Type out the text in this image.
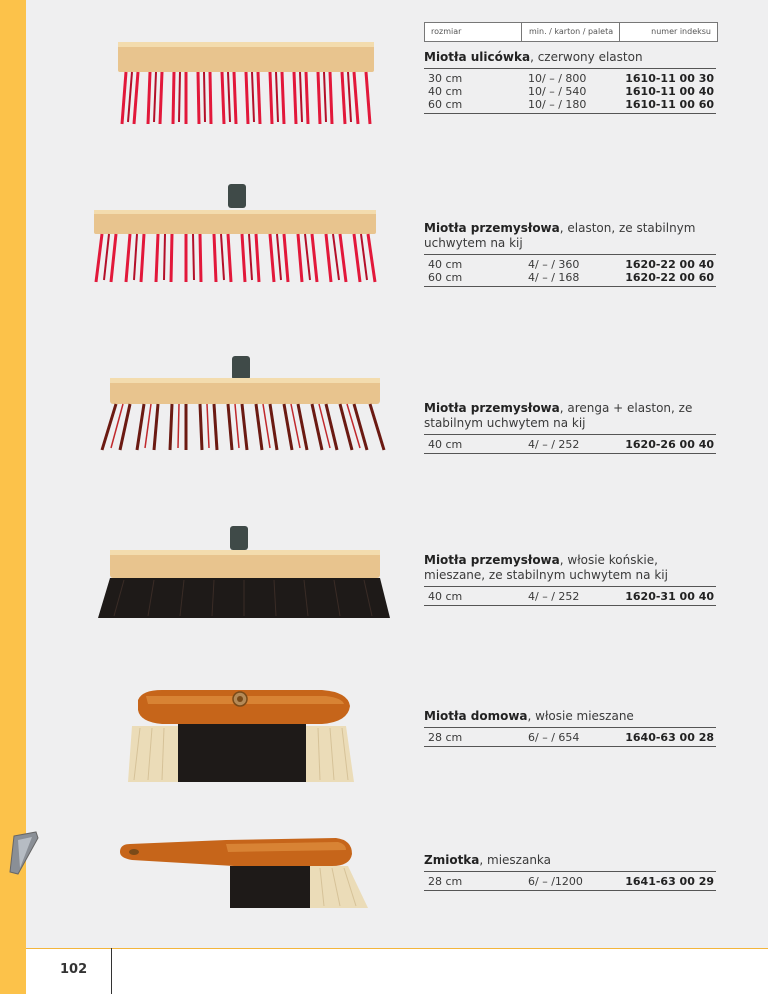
102
rozmiar	min. / karton / paleta	numer indeksu
Miotła ulicówka, czerwony elaston
30 cm	10/ – / 800	1610-11 00 30
40 cm	10/ – / 540	1610-11 00 40
60 cm	10/ – / 180	1610-11 00 60
Miotła przemysłowa, elaston, ze stabilnym uchwytem na kij
40 cm	4/ – / 360	1620-22 00 40
60 cm	4/ – / 168	1620-22 00 60
Miotła przemysłowa, arenga + elaston, ze stabilnym uchwytem na kij
40 cm	4/ – / 252	1620-26 00 40
Miotła przemysłowa, włosie końskie, mieszane, ze stabilnym uchwytem na kij
40 cm	4/ – / 252	1620-31 00 40
Miotła domowa, włosie mieszane
28 cm	6/ – / 654	1640-63 00 28
Zmiotka, mieszanka
28 cm	6/ – /1200	1641-63 00 29
